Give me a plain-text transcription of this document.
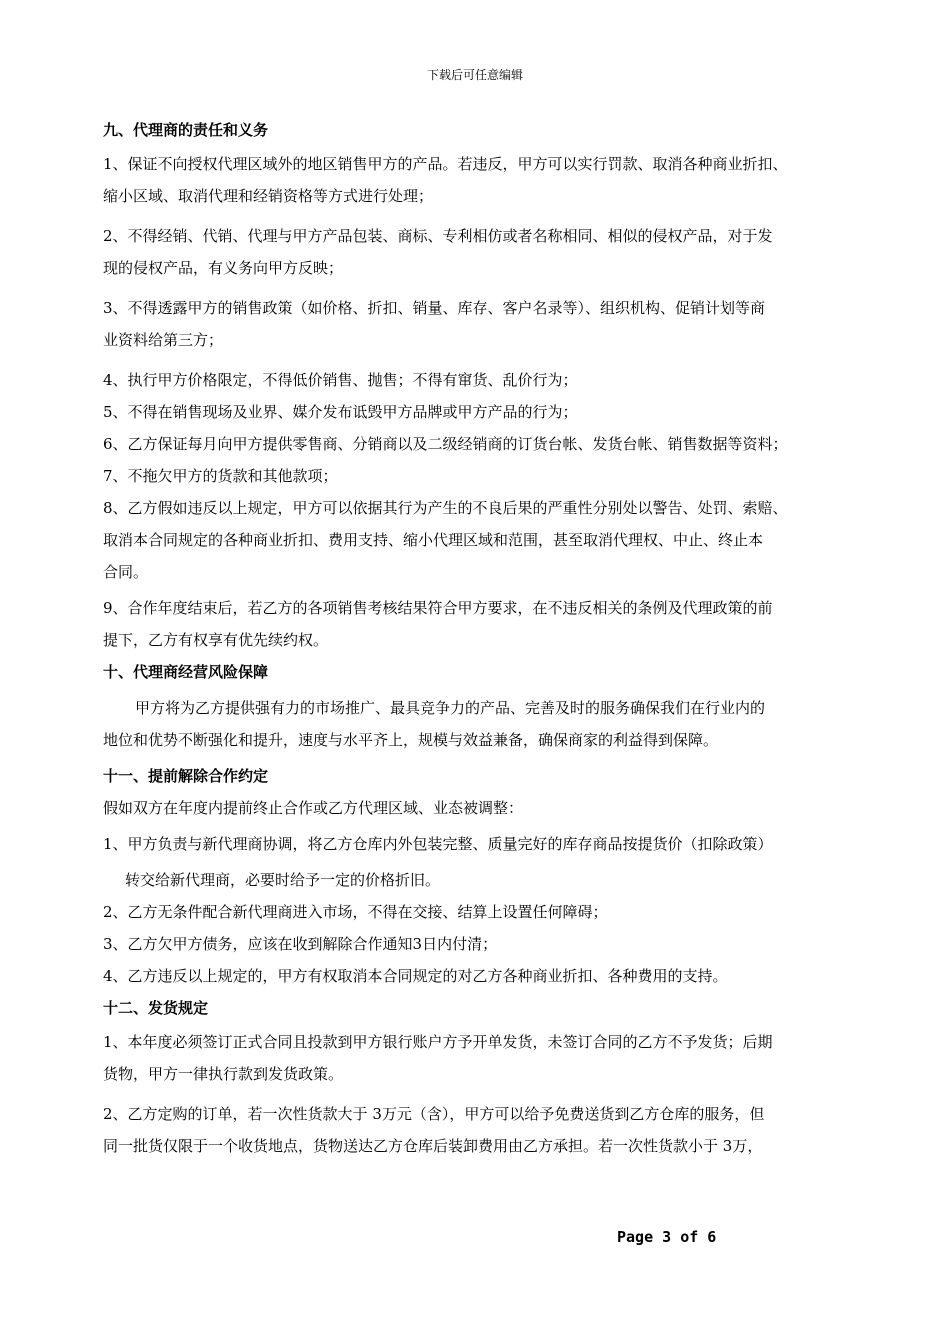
下载后可任意编辑
九、代理商的责任和义务
1、保证不向授权代理区域外的地区销售甲方的产品。若违反，甲方可以实行罚款、取消各种商业折扣、
缩小区域、取消代理和经销资格等方式进行处理；
2、不得经销、代销、代理与甲方产品包装、商标、专利相仿或者名称相同、相似的侵权产品，对于发
现的侵权产品，有义务向甲方反映；
3、不得透露甲方的销售政策（如价格、折扣、销量、库存、客户名录等）、组织机构、促销计划等商
业资料给第三方；
4、执行甲方价格限定，不得低价销售、抛售；不得有窜货、乱价行为；
5、不得在销售现场及业界、媒介发布诋毁甲方品牌或甲方产品的行为；
6、乙方保证每月向甲方提供零售商、分销商以及二级经销商的订货台帐、发货台帐、销售数据等资料；
7、不拖欠甲方的货款和其他款项；
8、乙方假如违反以上规定，甲方可以依据其行为产生的不良后果的严重性分别处以警告、处罚、索赔、
取消本合同规定的各种商业折扣、费用支持、缩小代理区域和范围，甚至取消代理权、中止、终止本
合同。
9、合作年度结束后，若乙方的各项销售考核结果符合甲方要求，在不违反相关的条例及代理政策的前
提下，乙方有权享有优先续约权。
十、代理商经营风险保障
甲方将为乙方提供强有力的市场推广、最具竞争力的产品、完善及时的服务确保我们在行业内的
地位和优势不断强化和提升，速度与水平齐上，规模与效益兼备，确保商家的利益得到保障。
十一、提前解除合作约定
假如双方在年度内提前终止合作或乙方代理区域、业态被调整：
1、甲方负责与新代理商协调，将乙方仓库内外包装完整、质量完好的库存商品按提货价（扣除政策）
转交给新代理商，必要时给予一定的价格折旧。
2、乙方无条件配合新代理商进入市场，不得在交接、结算上设置任何障碍；
3、乙方欠甲方债务，应该在收到解除合作通知3日内付清；
4、乙方违反以上规定的，甲方有权取消本合同规定的对乙方各种商业折扣、各种费用的支持。
十二、发货规定
1、本年度必须签订正式合同且投款到甲方银行账户方予开单发货，未签订合同的乙方不予发货；后期
货物，甲方一律执行款到发货政策。
2、乙方定购的订单，若一次性货款大于 3万元（含），甲方可以给予免费送货到乙方仓库的服务，但
同一批货仅限于一个收货地点，货物送达乙方仓库后装卸费用由乙方承担。若一次性货款小于 3万，
Page 3 of 6
